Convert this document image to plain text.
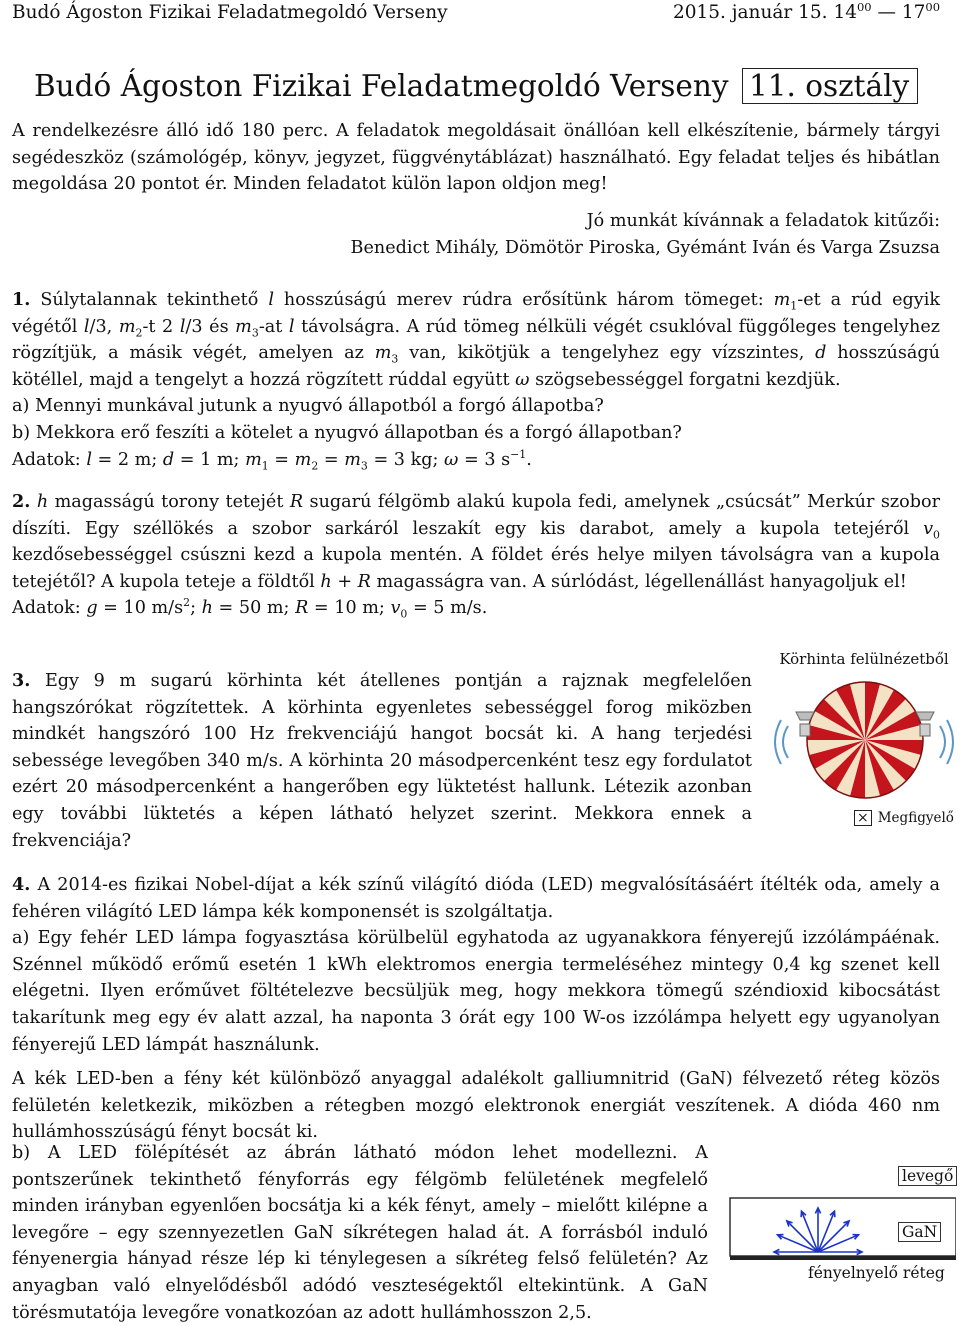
Budó Ágoston Fizikai Feladatmegoldó Verseny	2015. január 15. $14^{00}$ — $17^{00}$
Budó Ágoston Fizikai Feladatmegoldó Verseny 11. osztály
A rendelkezésre álló idő 180 perc. A feladatok megoldásait önállóan kell elkészítenie, bármely tárgyi segédeszköz (számológép, könyv, jegyzet, függvénytáblázat) használható. Egy feladat teljes és hibátlan megoldása 20 pontot ér. Minden feladatot külön lapon oldjon meg!
Jó munkát kívánnak a feladatok kitűzői:
Benedict Mihály, Dömötör Piroska, Gyémánt Iván és Varga Zsuzsa
1. Súlytalannak tekinthető l hosszúságú merev rúdra erősítünk három tömeget: $m_1-et$ a rúd egyik végétől l/3, $m_2-t$ 2 l/3 és $m_3-at$ l távolságra. A rúd tömeg nélküli végét csuklóval függőleges tengelyhez rögzítjük, a másik végét, amelyen az $m_3$ van, kikötjük a tengelyhez egy vízszintes, d hosszúságú kötéllel, majd a tengelyt a hozzá rögzített rúddal együtt ω szögsebességgel forgatni kezdjük.
a) Mennyi munkával jutunk a nyugvó állapotból a forgó állapotba?
b) Mekkora erő feszíti a kötelet a nyugvó állapotban és a forgó állapotban?
Adatok: l = 2 m; d = 1 m; $m_1 = m_2 = m_3 = 3$ kg; ω = 3 $s^{-1}$.
2. h magasságú torony tetejét R sugarú félgömb alakú kupola fedi, amelynek „csúcsát” Merkúr szobor díszíti. Egy széllökés a szobor sarkáról leszakít egy kis darabot, amely a kupola tetejéről $v_0$ kezdősebességgel csúszni kezd a kupola mentén. A földet érés helye milyen távolságra van a kupola tetejétől? A kupola teteje a földtől h + R magasságra van. A súrlódást, légellenállást hanyagoljuk el!
Adatok: g = 10 $m/s^2$; h = 50 m; R = 10 m; $v_0 = 5$ m/s.
3. Egy 9 m sugarú körhinta két átellenes pontján a rajznak megfelelően hangszórókat rögzítettek. A körhinta egyenletes sebességgel forog miközben mindkét hangszóró 100 Hz frekvenciájú hangot bocsát ki. A hang terjedési sebessége levegőben 340 m/s. A körhinta 20 másodpercenként tesz egy fordulatot ezért 20 másodpercenként a hangerőben egy lüktetést hallunk. Létezik azonban egy további lüktetés a képen látható helyzet szerint. Mekkora ennek a frekvenciája?
4. A 2014-es fizikai Nobel-díjat a kék színű világító dióda (LED) megvalósításáért ítélték oda, amely a fehéren világító LED lámpa kék komponensét is szolgáltatja.
a) Egy fehér LED lámpa fogyasztása körülbelül egyhatoda az ugyanakkora fényerejű izzólámpáénak. Szénnel működő erőmű esetén 1 kWh elektromos energia termeléséhez mintegy 0,4 kg szenet kell elégetni. Ilyen erőművet föltételezve becsüljük meg, hogy mekkora tömegű széndioxid kibocsátást takarítunk meg egy év alatt azzal, ha naponta 3 órát egy 100 W-os izzólámpa helyett egy ugyanolyan fényerejű LED lámpát használunk.
A kék LED-ben a fény két különböző anyaggal adalékolt galliumnitrid (GaN) félvezető réteg közös felületén keletkezik, miközben a rétegben mozgó elektronok energiát veszítenek. A dióda 460 nm hullámhosszúságú fényt bocsát ki.
b) A LED fölépítését az ábrán látható módon lehet modellezni. A pontszerűnek tekinthető fényforrás egy félgömb felületének megfelelő minden irányban egyenlően bocsátja ki a kék fényt, amely – mielőtt kilépne a levegőre – egy szennyezetlen GaN síkrétegen halad át. A forrásból induló fényenergia hányad része lép ki ténylegesen a síkréteg felső felületén? Az anyagban való elnyelődésből adódó veszteségektől eltekintünk. A GaN törésmutatója levegőre vonatkozóan az adott hullámhosszon 2,5.
Körhinta felülnézetből
× Megfigyelő
levegő
GaN
fényelnyelő réteg
